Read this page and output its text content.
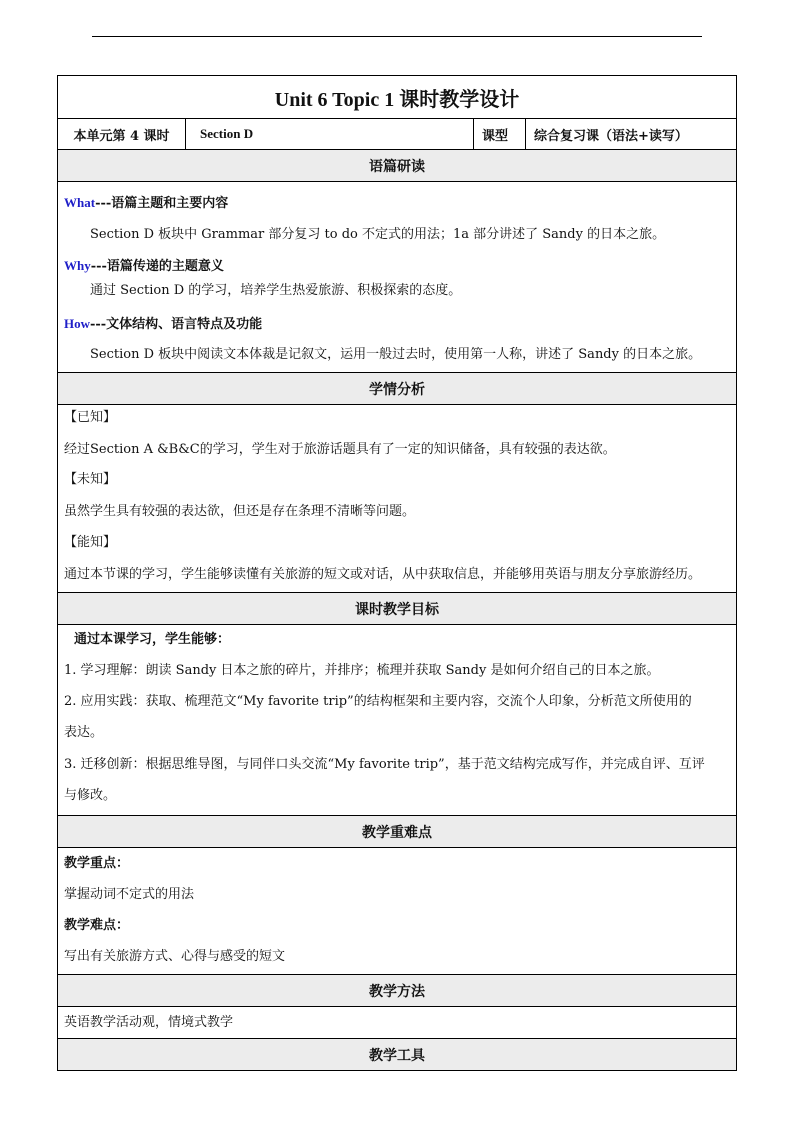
Unit 6 Topic 1 课时教学设计
本单元第 4 课时	Section D	课型	综合复习课（语法+读写）
语篇研读
What---语篇主题和主要内容
Section D 板块中 Grammar 部分复习 to do 不定式的用法；1a 部分讲述了 Sandy 的日本之旅。
Why---语篇传递的主题意义
通过 Section D 的学习，培养学生热爱旅游、积极探索的态度。
How---文体结构、语言特点及功能
Section D 板块中阅读文本体裁是记叙文，运用一般过去时，使用第一人称，讲述了 Sandy 的日本之旅。
学情分析
【已知】
经过Section A &B&C的学习，学生对于旅游话题具有了一定的知识储备，具有较强的表达欲。
【未知】
虽然学生具有较强的表达欲，但还是存在条理不清晰等问题。
【能知】
通过本节课的学习，学生能够读懂有关旅游的短文或对话，从中获取信息，并能够用英语与朋友分享旅游经历。
课时教学目标
通过本课学习，学生能够：
1. 学习理解：朗读 Sandy 日本之旅的碎片，并排序；梳理并获取 Sandy 是如何介绍自己的日本之旅。
2. 应用实践：获取、梳理范文“My favorite trip”的结构框架和主要内容，交流个人印象，分析范文所使用的
表达。
3. 迁移创新：根据思维导图，与同伴口头交流“My favorite trip”，基于范文结构完成写作，并完成自评、互评
与修改。
教学重难点
教学重点：
掌握动词不定式的用法
教学难点：
写出有关旅游方式、心得与感受的短文
教学方法
英语教学活动观，情境式教学
教学工具
